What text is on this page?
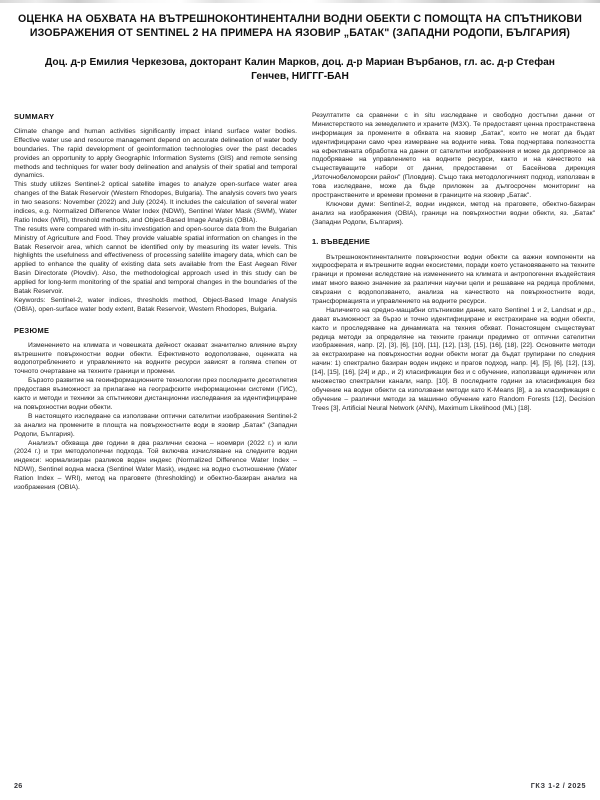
ОЦЕНКА НА ОБХВАТА НА ВЪТРЕШНОКОНТИНЕНТАЛНИ ВОДНИ ОБЕКТИ С ПОМОЩТА НА СПЪТНИКОВИ ИЗОБРАЖЕНИЯ ОТ SENTINEL 2 НА ПРИМЕРА НА ЯЗОВИР „БАТАК" (ЗАПАДНИ РОДОПИ, БЪЛГАРИЯ)
Доц. д-р Емилия Черкезова, докторант Калин Марков, доц. д-р Мариан Върбанов, гл. ас. д-р Стефан Генчев, НИГГГ-БАН
SUMMARY

Climate change and human activities significantly impact inland surface water bodies. Effective water use and resource management depend on accurate delineation of water body boundaries. The rapid development of geoinformation technologies over the past decades provides an opportunity to apply Geographic Information Systems (GIS) and remote sensing methods and techniques for water body delineation and analysis of their spatial and temporal dynamics.

This study utilizes Sentinel-2 optical satellite images to analyze open-surface water area changes of the Batak Reservoir (Western Rhodopes, Bulgaria). The analysis covers two years in two seasons: November (2022) and July (2024). It includes the calculation of several water indices, e.g. Normalized Difference Water Index (NDWI), Sentinel Water Mask (SWM), Water Ratio Index (WRI), threshold methods, and Object-Based Image Analysis (OBIA).

The results were compared with in-situ investigation and open-source data from the Bulgarian Ministry of Agriculture and Food. They provide valuable spatial information on changes in the Batak Reservoir area, which cannot be identified only by measuring its water levels. This highlights the usefulness and effectiveness of processing satellite imagery data, which can be applied to enhance the quality of existing data sets available from the East Aegean River Basin Directorate (Plovdiv). Also, the methodological approach used in this study can be applied for long-term monitoring of the spatial and temporal changes in the boundaries of the Batak Reservoir.

Keywords: Sentinel-2, water indices, thresholds method, Object-Based Image Analysis (OBIA), open-surface water body extent, Batak Reservoir, Western Rhodopes, Bulgaria.

РЕЗЮМЕ

Изменението на климата и човешката дейност оказват значително влияние върху вътрешните повърхностни водни обекти. Ефективното водоползване, оценката на водопотреблението и управлението на водните ресурси зависят в голяма степен от точното очертаване на техните граници и промени.

Бързото развитие на геоинформационните технологии през последните десетилетия предоставя възможност за прилагане на географските информационни системи (ГИС), както и методи и техники за спътникови дистанционни изследвания за идентифициране на повърхностни водни обекти.

В настоящето изследване са използвани оптични сателитни изображения Sentinel-2 за анализ на промените в площта на повърхностните води в язовир „Батак" (Западни Родопи, България).

Анализът обхваща две години в два различни сезона – ноември (2022 г.) и юли (2024 г.) и три методологични подхода. Той включва изчисляване на следните водни индекси: нормализиран разликов воден индекс (Normalized Difference Water Index – NDWI), Sentinel водна маска (Sentinel Water Mask), индекс на водно съотношение (Water Ration Index – WRI), метод на праговете (thresholding) и обектно-базиран анализ на изображения (OBIA).

Резултатите са сравнени с in situ изследване и свободно достъпни данни от Министерството на земеделието и храните (МЗХ). Те предоставят ценна пространствена информация за промените в обхвата на язовир „Батак", които не могат да бъдат идентифицирани само чрез измерване на водните нива. Това подчертава полезността на ефективната обработка на данни от сателитни изображения и може да допринесе за подобряване на управлението на водните ресурси, както и на качеството на съществуващите набори от данни, предоставени от Басейнова дирекция „Източнобеломорски район" (Пловдив). Също така методологичният подход, използван в това изследване, може да бъде приложен за дългосрочен мониторинг на пространствените и времеви промени в границите на язовир „Батак".

Ключови думи: Sentinel-2, водни индекси, метод на праговете, обектно-базиран анализ на изображения (OBIA), граници на повърхностни водни обекти, яз. „Батак" (Западни Родопи, България).

1. ВЪВЕДЕНИЕ

Вътрешноконтиненталните повърхностни водни обекти са важни компоненти на хидросферата и вътрешните водни екосистеми, поради което установяването на техните граници и промени вследствие на изменението на климата и антропогенни въздействия имат много важно значение за различни научни цели и решаване на редица проблеми, свързани с водоползването, анализа на качеството на повърхностните води, трансформацията и управлението на водните ресурси.

Наличието на средно-мащабни спътникови данни, като Sentinel 1 и 2, Landsat и др., дават възможност за бързо и точно идентифициране и екстрахиране на водни обекти, както и проследяване на динамиката на техния обхват. Понастоящем съществуват редица методи за определяне на техните граници предимно от оптични сателитни изображения, напр. [2], [3], [6], [10], [11], [12], [13], [15], [16], [18], [22]. Основните методи за екстрахиране на повърхностни водни обекти могат да бъдат групирани по следния начин: 1) спектрално базиран воден индекс и прагов подход, напр. [4], [5], [6], [12], [13], [14], [15], [16], [24] и др., и 2) класификации без и с обучение, използващи единичен или множество спектрални канали, напр. [10]. В последните години за класификация без обучение на водни обекти са използвани методи като K-Means [8], а за класификация с обучение – различни методи за машинно обучение като Random Forests [12], Decision Trees [3], Artificial Neural Network (ANN), Maximum Likelihood (ML) [18].

26	ГКЗ 1-2 / 2025
